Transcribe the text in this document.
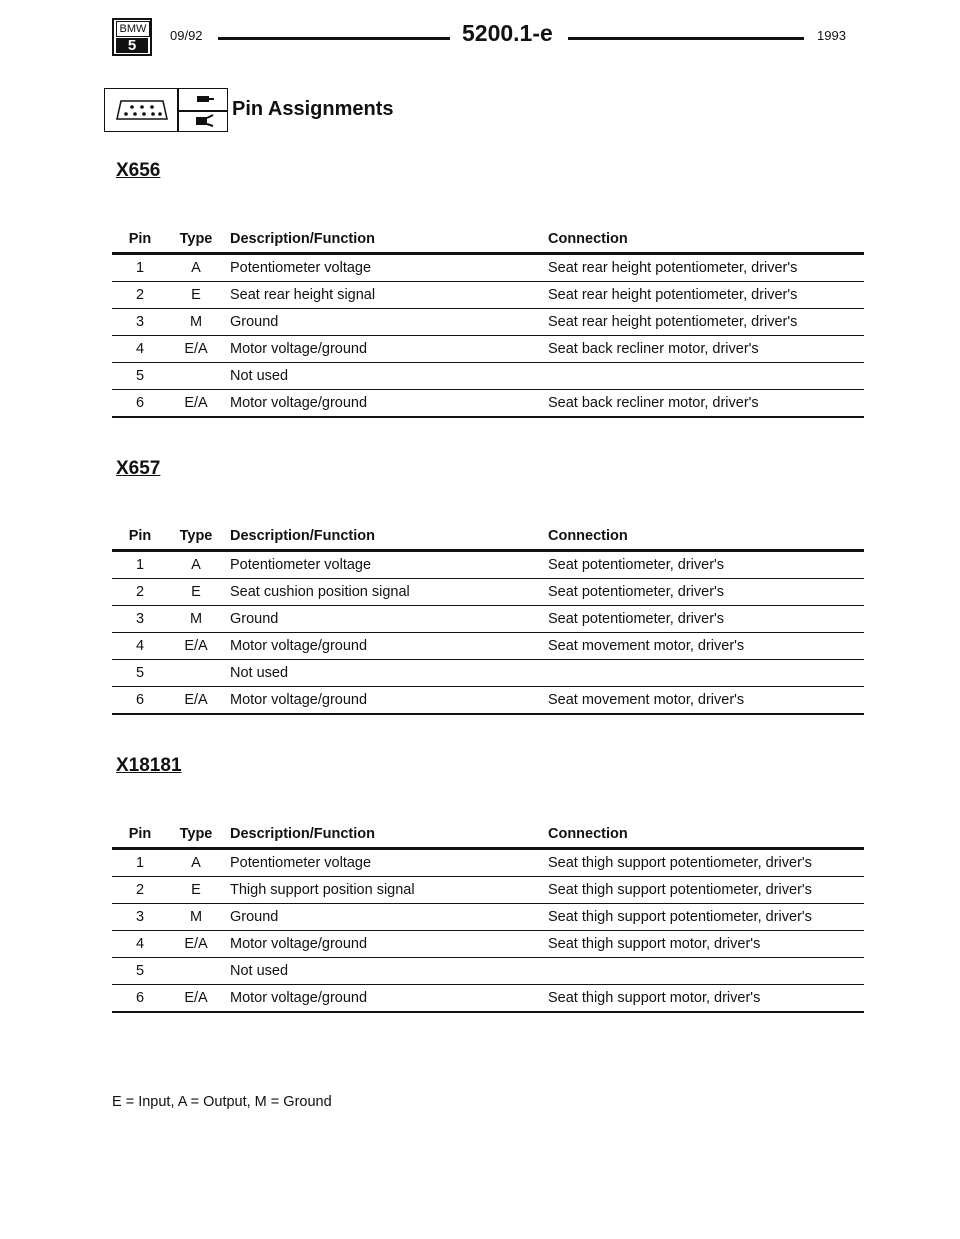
BMW
5
09/92	5200.1-e	1993
Pin Assignments
X656
Pin	Type	Description/Function	Connection
1	A	Potentiometer voltage	Seat rear height potentiometer, driver's
2	E	Seat rear height signal	Seat rear height potentiometer, driver's
3	M	Ground	Seat rear height potentiometer, driver's
4	E/A	Motor voltage/ground	Seat back recliner motor, driver's
5		Not used	
6	E/A	Motor voltage/ground	Seat back recliner motor, driver's
X657
Pin	Type	Description/Function	Connection
1	A	Potentiometer voltage	Seat potentiometer, driver's
2	E	Seat cushion position signal	Seat potentiometer, driver's
3	M	Ground	Seat potentiometer, driver's
4	E/A	Motor voltage/ground	Seat movement motor, driver's
5		Not used	
6	E/A	Motor voltage/ground	Seat movement motor, driver's
X18181
Pin	Type	Description/Function	Connection
1	A	Potentiometer voltage	Seat thigh support potentiometer, driver's
2	E	Thigh support position signal	Seat thigh support potentiometer, driver's
3	M	Ground	Seat thigh support potentiometer, driver's
4	E/A	Motor voltage/ground	Seat thigh support motor, driver's
5		Not used	
6	E/A	Motor voltage/ground	Seat thigh support motor, driver's
E = Input, A = Output, M = Ground
